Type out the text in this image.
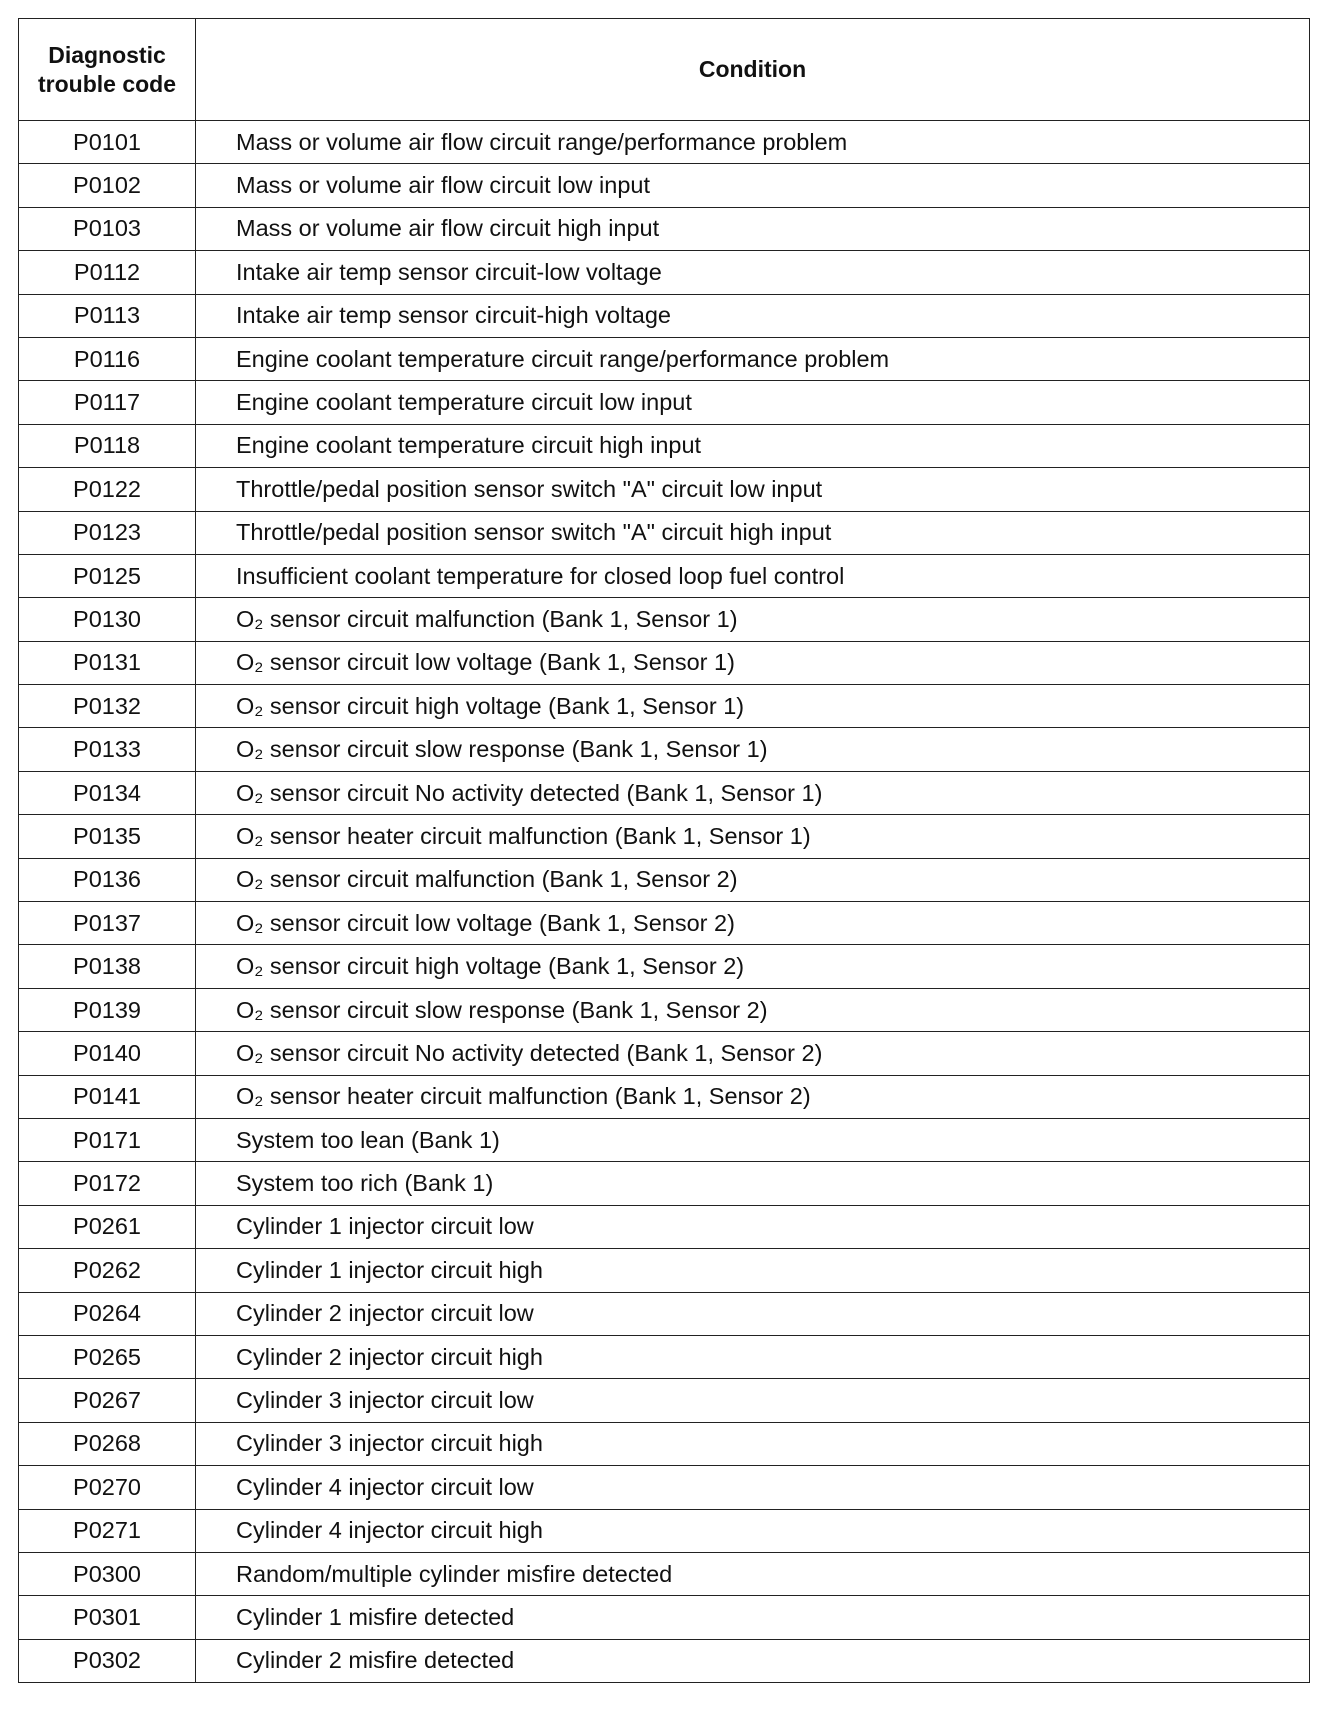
Diagnostic trouble code	Condition
P0101	Mass or volume air flow circuit range/performance problem
P0102	Mass or volume air flow circuit low input
P0103	Mass or volume air flow circuit high input
P0112	Intake air temp sensor circuit-low voltage
P0113	Intake air temp sensor circuit-high voltage
P0116	Engine coolant temperature circuit range/performance problem
P0117	Engine coolant temperature circuit low input
P0118	Engine coolant temperature circuit high input
P0122	Throttle/pedal position sensor switch "A" circuit low input
P0123	Throttle/pedal position sensor switch "A" circuit high input
P0125	Insufficient coolant temperature for closed loop fuel control
P0130	O₂ sensor circuit malfunction (Bank 1, Sensor 1)
P0131	O₂ sensor circuit low voltage (Bank 1, Sensor 1)
P0132	O₂ sensor circuit high voltage (Bank 1, Sensor 1)
P0133	O₂ sensor circuit slow response (Bank 1, Sensor 1)
P0134	O₂ sensor circuit No activity detected (Bank 1, Sensor 1)
P0135	O₂ sensor heater circuit malfunction (Bank 1, Sensor 1)
P0136	O₂ sensor circuit malfunction (Bank 1, Sensor 2)
P0137	O₂ sensor circuit low voltage (Bank 1, Sensor 2)
P0138	O₂ sensor circuit high voltage (Bank 1, Sensor 2)
P0139	O₂ sensor circuit slow response (Bank 1, Sensor 2)
P0140	O₂ sensor circuit No activity detected (Bank 1, Sensor 2)
P0141	O₂ sensor heater circuit malfunction (Bank 1, Sensor 2)
P0171	System too lean (Bank 1)
P0172	System too rich (Bank 1)
P0261	Cylinder 1 injector circuit low
P0262	Cylinder 1 injector circuit high
P0264	Cylinder 2 injector circuit low
P0265	Cylinder 2 injector circuit high
P0267	Cylinder 3 injector circuit low
P0268	Cylinder 3 injector circuit high
P0270	Cylinder 4 injector circuit low
P0271	Cylinder 4 injector circuit high
P0300	Random/multiple cylinder misfire detected
P0301	Cylinder 1 misfire detected
P0302	Cylinder 2 misfire detected
